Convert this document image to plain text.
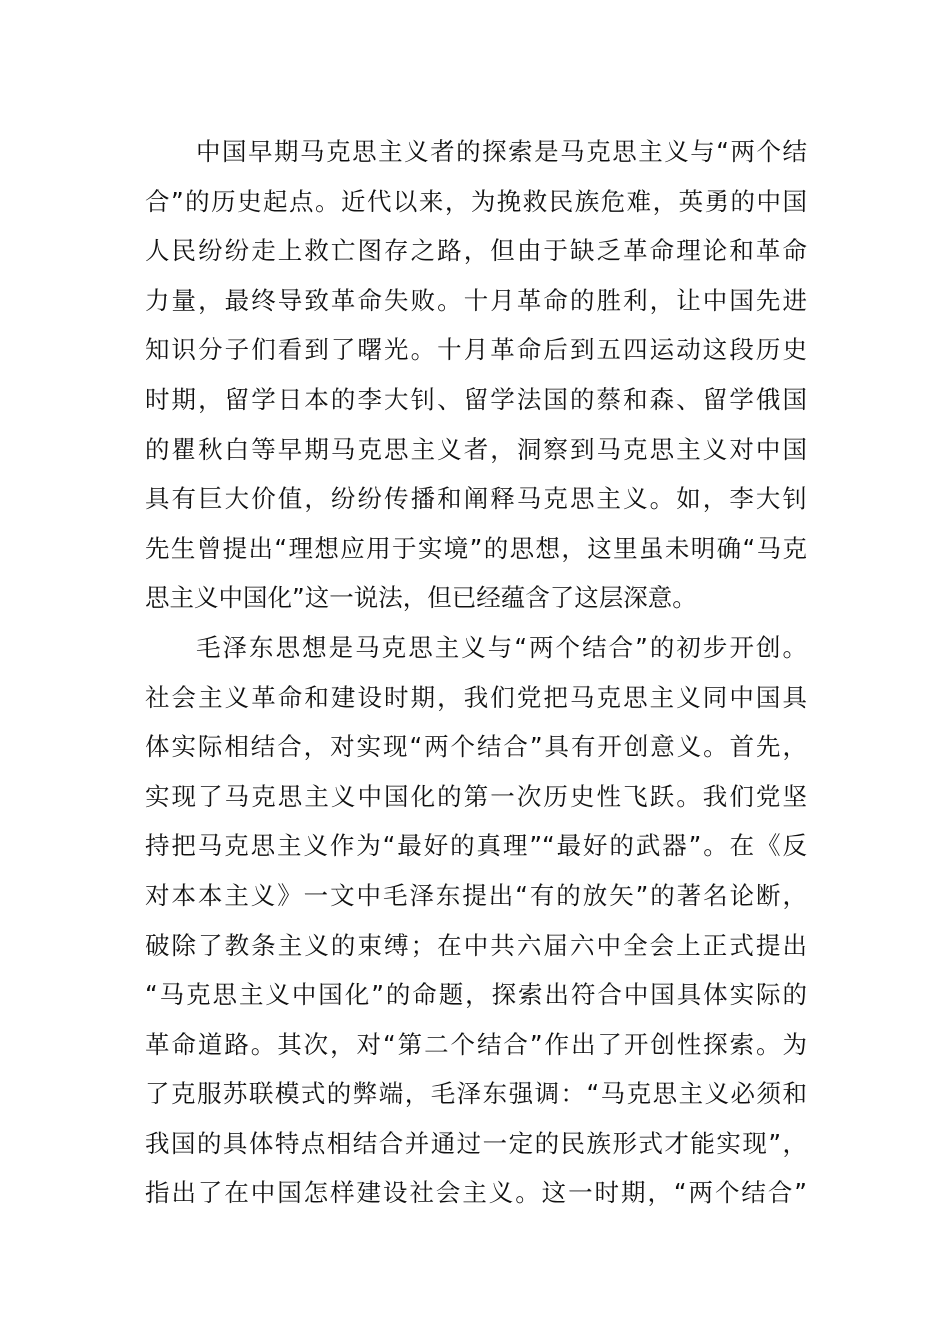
中国早期马克思主义者的探索是马克思主义与“两个结
合”的历史起点。近代以来，为挽救民族危难，英勇的中国
人民纷纷走上救亡图存之路，但由于缺乏革命理论和革命
力量，最终导致革命失败。十月革命的胜利，让中国先进
知识分子们看到了曙光。十月革命后到五四运动这段历史
时期，留学日本的李大钊、留学法国的蔡和森、留学俄国
的瞿秋白等早期马克思主义者，洞察到马克思主义对中国
具有巨大价值，纷纷传播和阐释马克思主义。如，李大钊
先生曾提出“理想应用于实境”的思想，这里虽未明确“马克
思主义中国化”这一说法，但已经蕴含了这层深意。
毛泽东思想是马克思主义与“两个结合”的初步开创。
社会主义革命和建设时期，我们党把马克思主义同中国具
体实际相结合，对实现“两个结合”具有开创意义。首先，
实现了马克思主义中国化的第一次历史性飞跃。我们党坚
持把马克思主义作为“最好的真理”“最好的武器”。在《反
对本本主义》一文中毛泽东提出“有的放矢”的著名论断，
破除了教条主义的束缚；在中共六届六中全会上正式提出
“马克思主义中国化”的命题，探索出符合中国具体实际的
革命道路。其次，对“第二个结合”作出了开创性探索。为
了克服苏联模式的弊端，毛泽东强调：“马克思主义必须和
我国的具体特点相结合并通过一定的民族形式才能实现”，
指出了在中国怎样建设社会主义。这一时期，“两个结合”
